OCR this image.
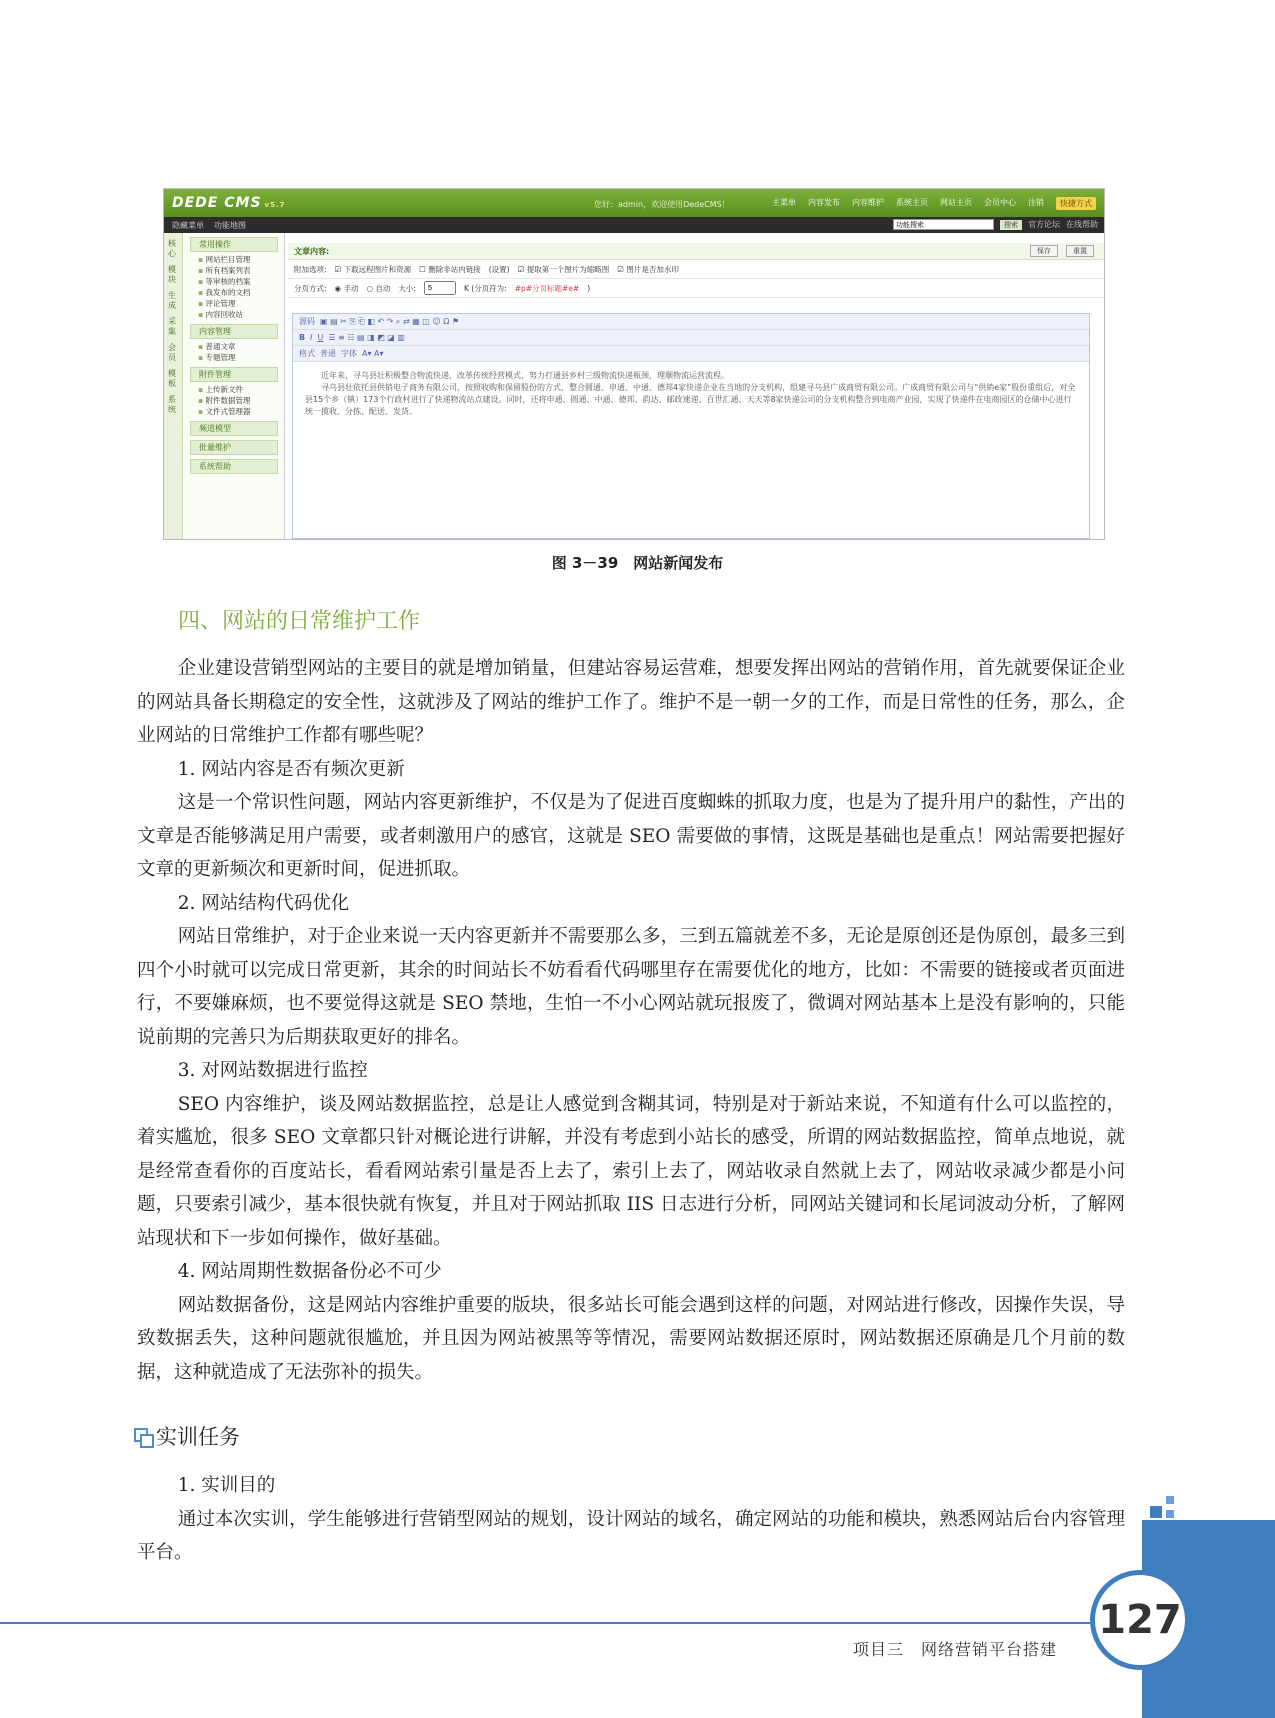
DEDE CMS v5.7	您好：admin，欢迎使用DedeCMS！	主菜单 内容发布 内容维护 系统主页 网站主页 会员中心 注销	快捷方式
隐藏菜单 功能地图
功能搜索	搜索	官方论坛 在线帮助
核心
模块
生成
采集
会员
模板
系统
常用操作
▪ 网站栏目管理
▪ 所有档案列表
▪ 等审核的档案
▪ 我发布的文档
▪ 评论管理
▪ 内容回收站
内容管理
▪ 普通文章
▪ 专题管理
附件管理
▪ 上传新文件
▪ 附件数据管理
▪ 文件式管理器
频道模型
批量维护
系统帮助
文章内容:	保存	重置
附加选项: ☑ 下载远程图片和资源 ☐ 删除非站内链接 (设置) ☑ 提取第一个图片为缩略图 ☑ 图片是否加水印
分页方式: ◉ 手动 ○ 自动 大小:
5	K (分页符为: #p#分页标题#e# )
源码 ▣ ▤ ✂ ⎘ ⎗ ◧ ↶ ↷ ⌕ ⇄ ▦ ◫ ☺ Ω ⚑
B I U ☰ ≡ ☷ ▤ ◨ ◩ ◪ ▥
格式 普通 字体 A▾ A▾

近年来，寻乌县壮积极整合物流快递，改革传统经营模式，努力打通县乡村三级物流快递瓶颈，理顺物流运营流程。

寻乌县壮依托县供销电子商务有限公司，按照收购和保留股份的方式，整合圆通、申通、中通、德邦4家快递企业在当地的分支机构，组建寻乌县广成商贸有限公司。广成商贸有限公司与“供销e家”股份重组后，对全县15个乡（镇）173个行政村进行了快递物流站点建设。同时，还将申通、圆通、中通、德邦、韵达、邮政速递、百世汇通、天天等8家快递公司的分支机构整合到电商产业园，实现了快递件在电商园区的仓储中心进行统一揽收、分拣、配送、发货。

图 3－39　网站新闻发布
四、网站的日常维护工作

企业建设营销型网站的主要目的就是增加销量，但建站容易运营难，想要发挥出网站的营销作用，首先就要保证企业的网站具备长期稳定的安全性，这就涉及了网站的维护工作了。维护不是一朝一夕的工作，而是日常性的任务，那么，企业网站的日常维护工作都有哪些呢？

1. 网站内容是否有频次更新

这是一个常识性问题，网站内容更新维护，不仅是为了促进百度蜘蛛的抓取力度，也是为了提升用户的黏性，产出的文章是否能够满足用户需要，或者刺激用户的感官，这就是 SEO 需要做的事情，这既是基础也是重点！网站需要把握好文章的更新频次和更新时间，促进抓取。

2. 网站结构代码优化

网站日常维护，对于企业来说一天内容更新并不需要那么多，三到五篇就差不多，无论是原创还是伪原创，最多三到四个小时就可以完成日常更新，其余的时间站长不妨看看代码哪里存在需要优化的地方，比如：不需要的链接或者页面进行，不要嫌麻烦，也不要觉得这就是 SEO 禁地，生怕一不小心网站就玩报废了，微调对网站基本上是没有影响的，只能说前期的完善只为后期获取更好的排名。

3. 对网站数据进行监控

SEO 内容维护，谈及网站数据监控，总是让人感觉到含糊其词，特别是对于新站来说，不知道有什么可以监控的，着实尴尬，很多 SEO 文章都只针对概论进行讲解，并没有考虑到小站长的感受，所谓的网站数据监控，简单点地说，就是经常查看你的百度站长，看看网站索引量是否上去了，索引上去了，网站收录自然就上去了，网站收录减少都是小问题，只要索引减少，基本很快就有恢复，并且对于网站抓取 IIS 日志进行分析，同网站关键词和长尾词波动分析，了解网站现状和下一步如何操作，做好基础。

4. 网站周期性数据备份必不可少

网站数据备份，这是网站内容维护重要的版块，很多站长可能会遇到这样的问题，对网站进行修改，因操作失误，导致数据丢失，这种问题就很尴尬，并且因为网站被黑等等情况，需要网站数据还原时，网站数据还原确是几个月前的数据，这种就造成了无法弥补的损失。

实训任务

1. 实训目的

通过本次实训，学生能够进行营销型网站的规划，设计网站的域名，确定网站的功能和模块，熟悉网站后台内容管理平台。

项目三　网络营销平台搭建
127
